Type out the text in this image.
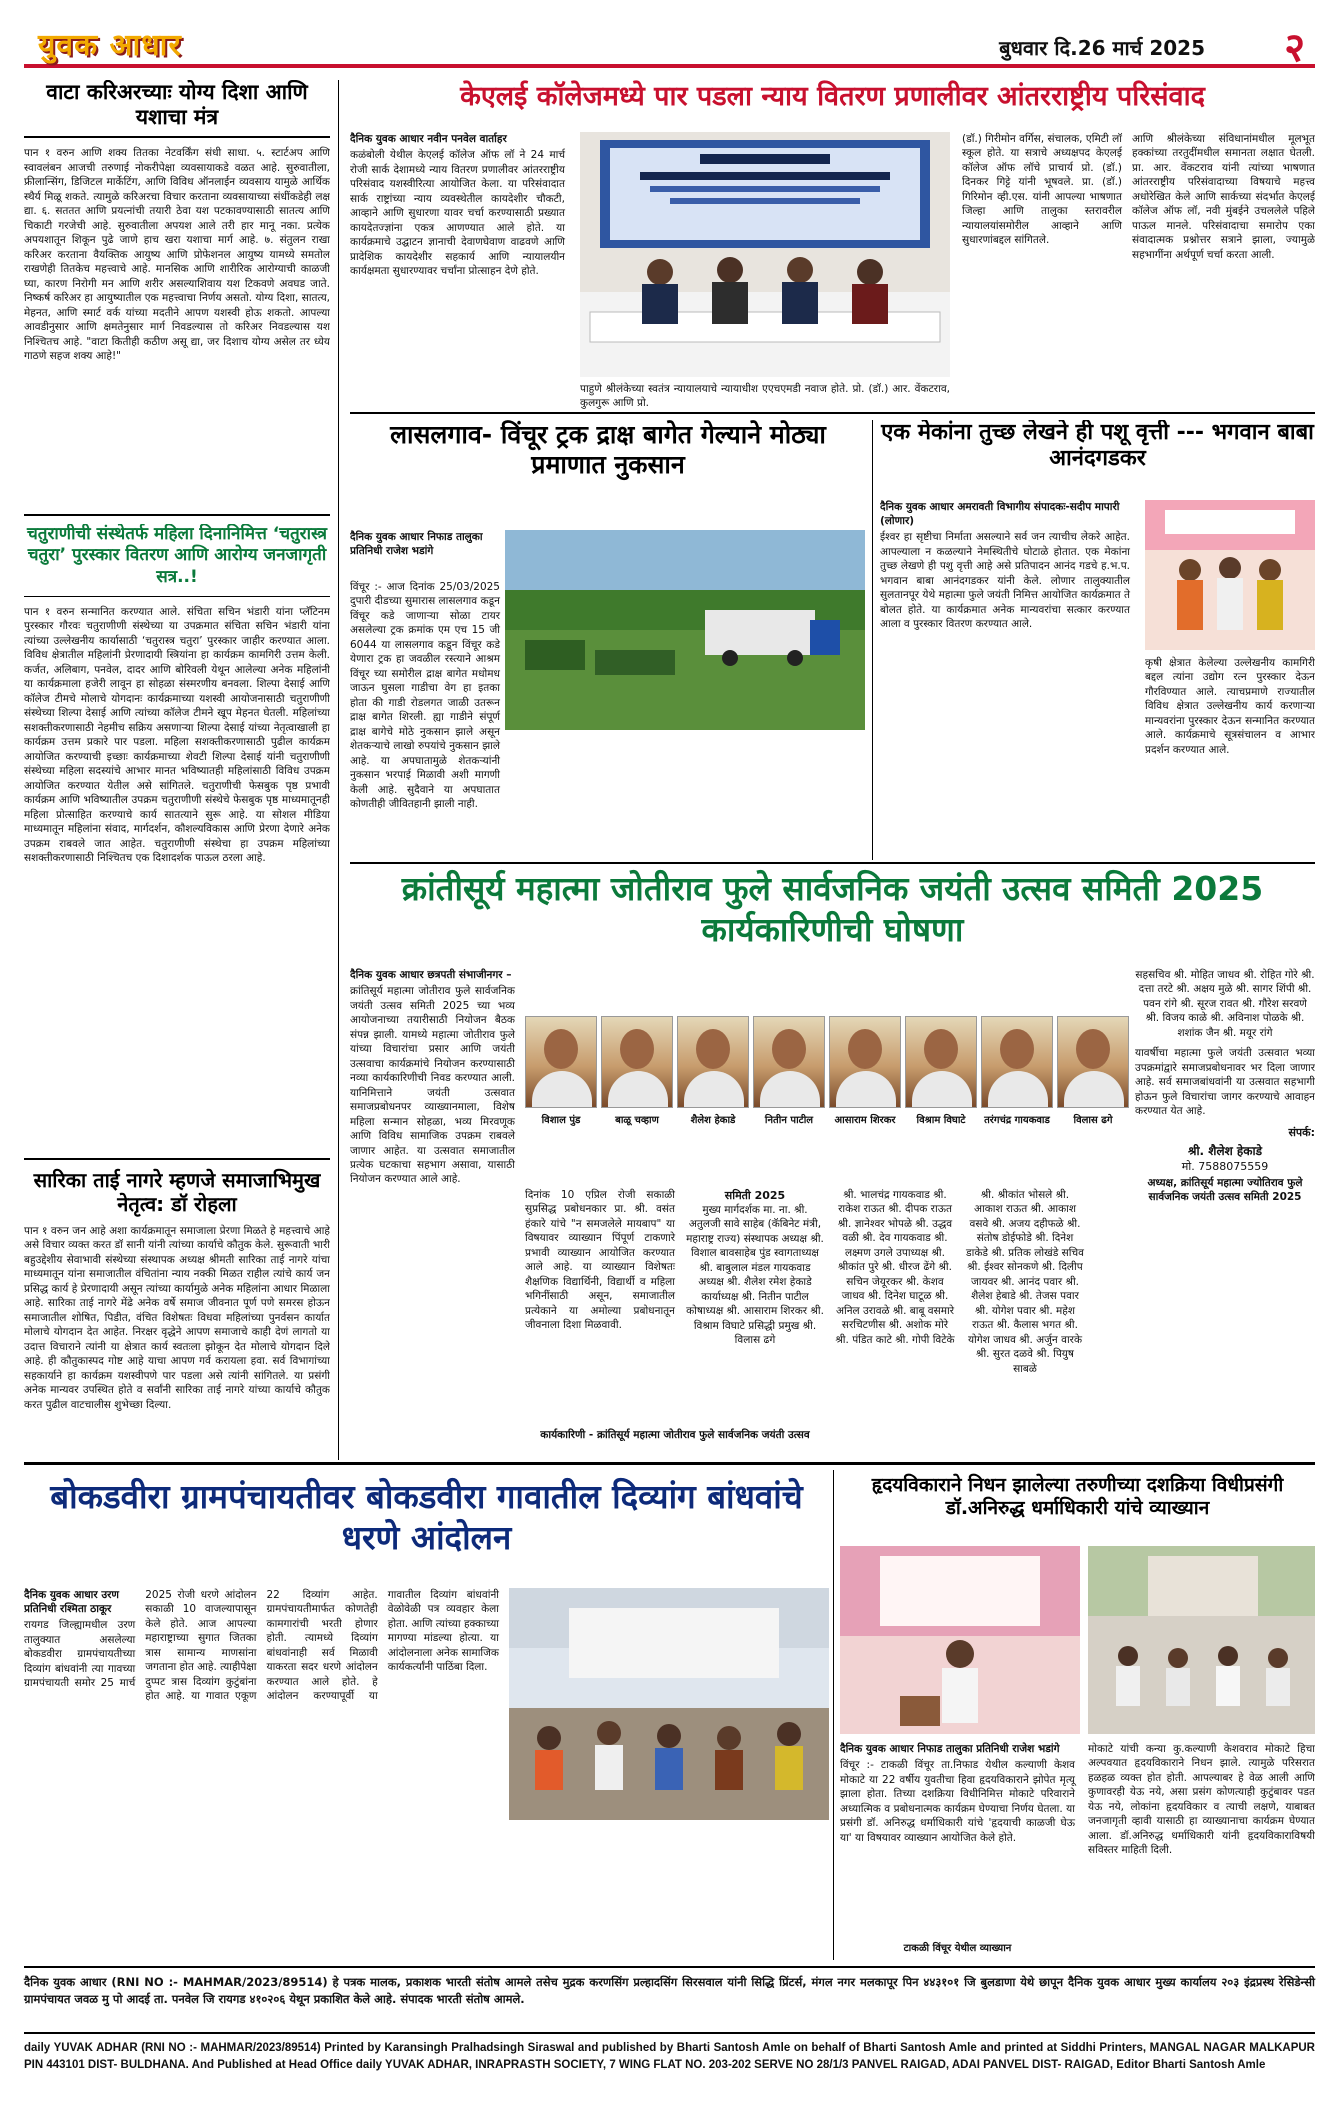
युवक आधार	बुधवार दि.26 मार्च 2025 २
वाटा करिअरच्याः योग्य दिशा आणि यशाचा मंत्र
पान १ वरुन आणि शक्य तितका नेटवर्किंग संधी साधा. ५. स्टार्टअप आणि स्वावलंबन आजची तरुणाई नोकरीपेक्षा व्यवसायाकडे वळत आहे. सुरुवातीला, फ्रीलान्सिंग, डिजिटल मार्केटिंग, आणि विविध ऑनलाईन व्यवसाय यामुळे आर्थिक स्थैर्य मिळू शकते. त्यामुळे करिअरचा विचार करताना व्यवसायाच्या संधींकडेही लक्ष द्या. ६. सततत आणि प्रयत्नांची तयारी ठेवा यश पटकावण्यासाठी सातत्य आणि चिकाटी गरजेची आहे. सुरुवातीला अपयश आले तरी हार मानू नका. प्रत्येक अपयशातून शिकून पुढे जाणे हाच खरा यशाचा मार्ग आहे. ७. संतुलन राखा करिअर करताना वैयक्तिक आयुष्य आणि प्रोफेशनल आयुष्य यामध्ये समतोल राखणेही तितकेच महत्त्वाचे आहे. मानसिक आणि शारीरिक आरोग्याची काळजी घ्या, कारण निरोगी मन आणि शरीर असल्याशिवाय यश टिकवणे अवघड जाते. निष्कर्ष करिअर हा आयुष्यातील एक महत्त्वाचा निर्णय असतो. योग्य दिशा, सातत्य, मेहनत, आणि स्मार्ट वर्क यांच्या मदतीने आपण यशस्वी होऊ शकतो. आपल्या आवडीनुसार आणि क्षमतेनुसार मार्ग निवडल्यास तो करिअर निवडल्यास यश निश्चितच आहे. "वाटा कितीही कठीण असू द्या, जर दिशाच योग्य असेल तर ध्येय गाठणे सहज शक्य आहे!"
चतुराणीची संस्थेतर्फ महिला दिनानिमित्त ‘चतुरास्त्र चतुरा’ पुरस्कार वितरण आणि आरोग्य जनजागृती सत्र..!
पान १ वरुन सन्मानित करण्यात आले. संचिता सचिन भंडारी यांना प्लॅटिनम पुरस्कार गौरवः चतुराणीणी संस्थेच्या या उपक्रमात संचिता सचिन भंडारी यांना त्यांच्या उल्लेखनीय कार्यासाठी ‘चतुरास्त्र चतुरा’ पुरस्कार जाहीर करण्यात आला. विविध क्षेत्रातील महिलांनी प्रेरणादायी स्त्रियांना हा कार्यक्रम कामगिरी उत्तम केली. कर्जत, अलिबाग, पनवेल, दादर आणि बोरिवली येथून आलेल्या अनेक महिलांनी या कार्यक्रमाला हजेरी लावून हा सोहळा संस्मरणीय बनवला. शिल्पा देसाई आणि कॉलेज टीमचे मोलाचे योगदानः कार्यक्रमाच्या यशस्वी आयोजनासाठी चतुराणीणी संस्थेच्या शिल्पा देसाई आणि त्यांच्या कॉलेज टीमने खूप मेहनत घेतली. महिलांच्या सशक्तीकरणासाठी नेहमीच सक्रिय असणाऱ्या शिल्पा देसाई यांच्या नेतृत्वाखाली हा कार्यक्रम उत्तम प्रकारे पार पडला. महिला सशक्तीकरणासाठी पुढील कार्यक्रम आयोजित करण्याची इच्छाः कार्यक्रमाच्या शेवटी शिल्पा देसाई यांनी चतुराणीणी संस्थेच्या महिला सदस्यांचे आभार मानत भविष्यातही महिलांसाठी विविध उपक्रम आयोजित करण्यात येतील असे सांगितले. चतुराणीची फेसबुक पृष्ठ प्रभावी कार्यक्रम आणि भविष्यातील उपक्रम चतुराणीणी संस्थेचे फेसबुक पृष्ठ माध्यमातूनही महिला प्रोत्साहित करण्याचे कार्य सातत्याने सुरू आहे. या सोशल मीडिया माध्यमातून महिलांना संवाद, मार्गदर्शन, कौशल्यविकास आणि प्रेरणा देणारे अनेक उपक्रम राबवले जात आहेत. चतुराणीणी संस्थेचा हा उपक्रम महिलांच्या सशक्तीकरणासाठी निश्चितच एक दिशादर्शक पाऊल ठरला आहे.
सारिका ताई नागरे म्हणजे समाजाभिमुख नेतृत्व: डॉ रोहला
पान १ वरुन जन आहे अशा कार्यक्रमातून समाजाला प्रेरणा मिळते हे महत्त्वाचे आहे असे विचार व्यक्त करत डॉ सानी यांनी त्यांच्या कार्याचे कौतुक केले. सुरूवाती भारी बहुउद्देशीय सेवाभावी संस्थेच्या संस्थापक अध्यक्ष श्रीमती सारिका ताई नागरे यांचा माध्यमातून यांना समाजातील वंचितांना न्याय नक्की मिळत राहील त्यांचे कार्य जन प्रसिद्ध कार्य हे प्रेरणादायी असून त्यांच्या कार्यामुळे अनेक महिलांना आधार मिळाला आहे. सारिका ताई नागरे मेंढे अनेक वर्षे समाज जीवनात पूर्ण पणे समरस होऊन समाजातील शोषित, पिडीत, वंचित विशेषतः विधवा महिलांच्या पुनर्वसन कार्यात मोलाचे योगदान देत आहेत. निरक्षर वृद्धेने आपण समाजाचे काही देणं लागतो या उदात्त विचाराने त्यांनी या क्षेत्रात कार्य स्वतःला झोकून देत मोलाचे योगदान दिले आहे. ही कौतुकास्पद गोष्ट आहे याचा आपण गर्व करायला हवा. सर्व विभागांच्या सहकार्याने हा कार्यक्रम यशस्वीपणे पार पडला असे त्यांनी सांगितले. या प्रसंगी अनेक मान्यवर उपस्थित होते व सर्वांनी सारिका ताई नागरे यांच्या कार्याचे कौतुक करत पुढील वाटचालीस शुभेच्छा दिल्या.
केएलई कॉलेजमध्ये पार पडला न्याय वितरण प्रणालीवर आंतरराष्ट्रीय परिसंवाद
दैनिक युवक आधार नवीन पनवेल वार्ताहर
कळंबोली येथील केएलई कॉलेज ऑफ लॉ ने 24 मार्च रोजी सार्क देशामध्ये न्याय वितरण प्रणालीवर आंतरराष्ट्रीय परिसंवाद यशस्वीरित्या आयोजित केला. या परिसंवादात सार्क राष्ट्रांच्या न्याय व्यवस्थेतील कायदेशीर चौकटी, आव्हाने आणि सुधारणा यावर चर्चा करण्यासाठी प्रख्यात कायदेतज्ज्ञांना एकत्र आणण्यात आले होते. या कार्यक्रमाचे उद्घाटन ज्ञानाची देवाणघेवाण वाढवणे आणि प्रादेशिक कायदेशीर सहकार्य आणि न्यायालयीन कार्यक्षमता सुधारण्यावर चर्चांना प्रोत्साहन देणे होते.
पाहुणे श्रीलंकेच्या स्वतंत्र न्यायालयाचे न्यायाधीश एएचएमडी नवाज होते. प्रो. (डॉ.) आर. वेंकटराव, कुलगुरू आणि प्रो.
(डॉ.) गिरीमोन वर्गिस, संचालक, एमिटी लॉ स्कूल होते. या सत्राचे अध्यक्षपद केएलई कॉलेज ऑफ लॉचे प्राचार्य प्रो. (डॉ.) दिनकर गिट्टे यांनी भूषवले. प्रा. (डॉ.) गिरिमोन व्ही.एस. यांनी आपल्या भाषणात जिल्हा आणि तालुका स्तरावरील न्यायालयांसमोरील आव्हाने आणि सुधारणांबद्दल सांगितले.
आणि श्रीलंकेच्या संविधानांमधील मूलभूत हक्कांच्या तरतुदींमधील समानता लक्षात घेतली. प्रा. आर. वेंकटराव यांनी त्यांच्या भाषणात आंतरराष्ट्रीय परिसंवादाच्या विषयाचे महत्त्व अधोरेखित केले आणि सार्कच्या संदर्भात केएलई कॉलेज ऑफ लॉ, नवी मुंबईने उचललेले पहिले पाऊल मानले. परिसंवादाचा समारोप एका संवादात्मक प्रश्नोत्तर सत्राने झाला, ज्यामुळे सहभागींना अर्थपूर्ण चर्चा करता आली.
लासलगाव- विंचूर ट्रक द्राक्ष बागेत गेल्याने मोठ्या प्रमाणात नुकसान
दैनिक युवक आधार निफाड तालुका प्रतिनिधी राजेश भडांगे
विंचूर :- आज दिनांक 25/03/2025 दुपारी दीडच्या सुमारास लासलगाव कडून विंचूर कडे जाणाऱ्या सोळा टायर असलेल्या ट्रक क्रमांक एम एच 15 जी 6044 या लासलगाव कडून विंचूर कडे येणारा ट्रक हा जवळील रस्त्याने आश्रम विंचूर च्या समोरील द्राक्ष बागेत मधोमध जाऊन घुसला गाडीचा वेग हा इतका होता की गाडी रोडलगत जाळी उतरून द्राक्ष बागेत शिरली. ह्या गाडीने संपूर्ण द्राक्ष बागेचे मोठे नुकसान झाले असून शेतकऱ्याचे लाखो रुपयांचे नुकसान झाले आहे. या अपघातामुळे शेतकऱ्यांनी नुकसान भरपाई मिळावी अशी मागणी केली आहे. सुदैवाने या अपघातात कोणतीही जीवितहानी झाली नाही.
एक मेकांना तुच्छ लेखने ही पशू वृत्ती --- भगवान बाबा आनंदगडकर
दैनिक युवक आधार अमरावती विभागीय संपादकः-सदीप मापारी (लोणार)
ईश्वर हा सृष्टीचा निर्माता असल्याने सर्व जन त्याचीच लेकरे आहेत. आपल्याला न कळल्याने नेमस्थितीचे घोटाळे होतात. एक मेकांना तुच्छ लेखणे ही पशु वृत्ती आहे असे प्रतिपादन आनंद गडचे ह.भ.प. भगवान बाबा आनंदगडकर यांनी केले. लोणार तालुक्यातील सुलतानपूर येथे महात्मा फुले जयंती निमित्त आयोजित कार्यक्रमात ते बोलत होते. या कार्यक्रमात अनेक मान्यवरांचा सत्कार करण्यात आला व पुरस्कार वितरण करण्यात आले.
कृषी क्षेत्रात केलेल्या उल्लेखनीय कामगिरी बद्दल त्यांना उद्योग रत्न पुरस्कार देऊन गौरविण्यात आले. त्याचप्रमाणे राज्यातील विविध क्षेत्रात उल्लेखनीय कार्य करणाऱ्या मान्यवरांना पुरस्कार देऊन सन्मानित करण्यात आले. कार्यक्रमाचे सूत्रसंचालन व आभार प्रदर्शन करण्यात आले.
क्रांतीसूर्य महात्मा जोतीराव फुले सार्वजनिक जयंती उत्सव समिती 2025 कार्यकारिणीची घोषणा
दैनिक युवक आधार छत्रपती संभाजीनगर –
क्रांतिसूर्य महात्मा जोतीराव फुले सार्वजनिक जयंती उत्सव समिती 2025 च्या भव्य आयोजनाच्या तयारीसाठी नियोजन बैठक संपन्न झाली. यामध्ये महात्मा जोतीराव फुले यांच्या विचारांचा प्रसार आणि जयंती उत्सवाचा कार्यक्रमांचे नियोजन करण्यासाठी नव्या कार्यकारिणीची निवड करण्यात आली. यानिमित्ताने जयंती उत्सवात समाजप्रबोधनपर व्याख्यानमाला, विशेष महिला सन्मान सोहळा, भव्य मिरवणूक आणि विविध सामाजिक उपक्रम राबवले जाणार आहेत. या उत्सवात समाजातील प्रत्येक घटकाचा सहभाग असावा, यासाठी नियोजन करण्यात आले आहे.
विशाल पुंड	बाळू चव्हाण	शैलेश हेकाडे	नितीन पाटील	आसाराम शिरकर	विश्राम विघाटे	तरंगचंद्र गायकवाड	विलास ढगे
दिनांक 10 एप्रिल रोजी सकाळी सुप्रसिद्ध प्रबोधनकार प्रा. श्री. वसंत हंकारे यांचे "न समजलेले मायबाप" या विषयावर व्याख्यान पिंपूर्ण टाकणारे प्रभावी व्याख्यान आयोजित करण्यात आले आहे. या व्याख्यान विशेषतः शैक्षणिक विद्यार्थिनी, विद्यार्थी व महिला भगिनींसाठी असून, समाजातील प्रत्येकाने या अमोल्या प्रबोधनातून जीवनाला दिशा मिळवावी.
समिती 2025
मुख्य मार्गदर्शक मा. ना. श्री. अतुलजी सावे साहेब (कॅबिनेट मंत्री, महाराष्ट्र राज्य) संस्थापक अध्यक्ष श्री. विशाल बावसाहेब पुंड स्वागताध्यक्ष श्री. बाबुलाल मंडल गायकवाड अध्यक्ष श्री. शैलेश रमेश हेकाडे कार्याध्यक्ष श्री. नितीन पाटील कोषाध्यक्ष श्री. आसाराम शिरकर श्री. विश्राम विघाटे प्रसिद्धी प्रमुख श्री. विलास ढगे
श्री. भालचंद्र गायकवाड श्री. राकेश राऊत श्री. दीपक राऊत श्री. ज्ञानेश्वर भोपळे श्री. उद्धव वळी श्री. देव गायकवाड श्री. लक्ष्मण उगले उपाध्यक्ष श्री. श्रीकांत पुरे श्री. धीरज ढेंगे श्री. सचिन जेयूरकर श्री. केशव जाधव श्री. दिनेश घाटूळ श्री. अनिल उरावळे श्री. बाबू वसमारे सरचिटणीस श्री. अशोक मोरे श्री. पंडित काटे श्री. गोपी विटेके
श्री. श्रीकांत भोसले श्री. आकाश राऊत श्री. आकाश वसवे श्री. अजय दहीफळे श्री. संतोष डोईफोडे श्री. दिनेश डाकेडे श्री. प्रतिक लोखंडे सचिव श्री. ईश्वर सोनकणे श्री. दिलीप जायवर श्री. आनंद पवार श्री. शैलेश हेबाडे श्री. तेजस पवार श्री. योगेश पवार श्री. महेश राऊत श्री. कैलास भगत श्री. योगेश जाधव श्री. अर्जुन वारके श्री. सुरत दळवे श्री. पियुष साबळे
सहसचिव श्री. मोहित जाधव श्री. रोहित गोरे श्री. दत्ता तरटे श्री. अक्षय मुळे श्री. सागर शिंपी श्री. पवन रांगे श्री. सूरज रावत श्री. गौरेश सरवणे श्री. विजय काळे श्री. अविनाश पोळके श्री. शशांक जैन श्री. मयूर रांगे
यावर्षीचा महात्मा फुले जयंती उत्सवात भव्या उपक्रमांद्वारे समाजप्रबोधनावर भर दिला जाणार आहे. सर्व समाजबांधवांनी या उत्सवात सहभागी होऊन फुले विचारांचा जागर करण्याचे आवाहन करण्यात येत आहे.
संपर्क:
श्री. शैलेश हेकाडे
मो. 7588075559
अध्यक्ष, क्रांतिसूर्य महात्मा ज्योतिराव फुले सार्वजनिक जयंती उत्सव समिती 2025
कार्यकारिणी - क्रांतिसूर्य महात्मा जोतीराव फुले सार्वजनिक जयंती उत्सव
बोकडवीरा ग्रामपंचायतीवर बोकडवीरा गावातील दिव्यांग बांधवांचे धरणे आंदोलन
दैनिक युवक आधार उरण प्रतिनिधी रश्मिता ठाकूर
रायगड जिल्ह्यामधील उरण तालुक्यात असलेल्या बोकडवीरा ग्रामपंचायतीच्या दिव्यांग बांधवांनी त्या गावच्या ग्रामपंचायती समोर 25 मार्च 2025 रोजी धरणे आंदोलन सकाळी 10 वाजल्यापासून केले होते. आज आपल्या महाराष्ट्राच्या सुगात जितका त्रास सामान्य माणसांना जगताना होत आहे. त्याहीपेक्षा दुप्पट त्रास दिव्यांग कुटुंबांना होत आहे. या गावात एकूण 22 दिव्यांग आहेत. ग्रामपंचायतीमार्फत कोणतेही कामगारांची भरती होणार होती. त्यामध्ये दिव्यांग बांधवांनाही सर्व मिळावी याकरता सदर धरणे आंदोलन करण्यात आले होते. हे आंदोलन करण्यापूर्वी या गावातील दिव्यांग बांधवांनी वेळोवेळी पत्र व्यवहार केला होता. आणि त्यांच्या हक्काच्या मागण्या मांडल्या होत्या. या आंदोलनाला अनेक सामाजिक कार्यकर्त्यांनी पाठिंबा दिला.
हृदयविकाराने निधन झालेल्या तरुणीच्या दशक्रिया विधीप्रसंगी डॉ.अनिरुद्ध धर्माधिकारी यांचे व्याख्यान
दैनिक युवक आधार निफाड तालुका प्रतिनिधी राजेश भडांगे
विंचूर :- टाकळी विंचूर ता.निफाड येथील कल्याणी केशव मोकाटे या 22 वर्षीय युवतीचा हिवा हृदयविकाराने झोपेत मृत्यू झाला होता. तिच्या दशक्रिया विधीनिमित्त मोकाटे परिवाराने अध्यात्मिक व प्रबोधनात्मक कार्यक्रम घेण्याचा निर्णय घेतला. या प्रसंगी डॉ. अनिरुद्ध धर्माधिकारी यांचे 'हृदयाची काळजी घेऊ या' या विषयावर व्याख्यान आयोजित केले होते.
मोकाटे यांची कन्या कु.कल्याणी केशवराव मोकाटे हिचा अल्पवयात हृदयविकाराने निधन झाले. त्यामुळे परिसरात हळहळ व्यक्त होत होती. आपल्याबर हे वेळ आली आणि कुणावरही येऊ नये, असा प्रसंग कोणत्याही कुटुंबावर पडत येऊ नये, लोकांना हृदयविकार व त्याची लक्षणे, याबाबत जनजागृती व्हावी यासाठी हा व्याख्यानाचा कार्यक्रम घेण्यात आला. डॉ.अनिरुद्ध धर्माधिकारी यांनी हृदयविकाराविषयी सविस्तर माहिती दिली.
टाकळी विंचूर येथील व्याख्यान
दैनिक युवक आधार (RNI NO :- MAHMAR/2023/89514) हे पत्रक मालक, प्रकाशक भारती संतोष आमले तसेच मुद्रक करणसिंग प्रल्हादसिंग सिरसवाल यांनी सिद्धि प्रिंटर्स, मंगल नगर मलकापूर पिन ४४३१०१ जि बुलडाणा येथे छापून दैनिक युवक आधार मुख्य कार्यालय २०३ इंद्रप्रस्थ रेसिडेन्सी ग्रामपंचायत जवळ मु पो आदई ता. पनवेल जि रायगड ४१०२०६ येथून प्रकाशित केले आहे. संपादक भारती संतोष आमले.
daily YUVAK ADHAR (RNI NO :- MAHMAR/2023/89514) Printed by Karansingh Pralhadsingh Siraswal and published by Bharti Santosh Amle on behalf of Bharti Santosh Amle and printed at Siddhi Printers, MANGAL NAGAR MALKAPUR PIN 443101 DIST- BULDHANA. And Published at Head Office daily YUVAK ADHAR, INRAPRASTH SOCIETY, 7 WING FLAT NO. 203-202 SERVE NO 28/1/3 PANVEL RAIGAD, ADAI PANVEL DIST- RAIGAD, Editor Bharti Santosh Amle
